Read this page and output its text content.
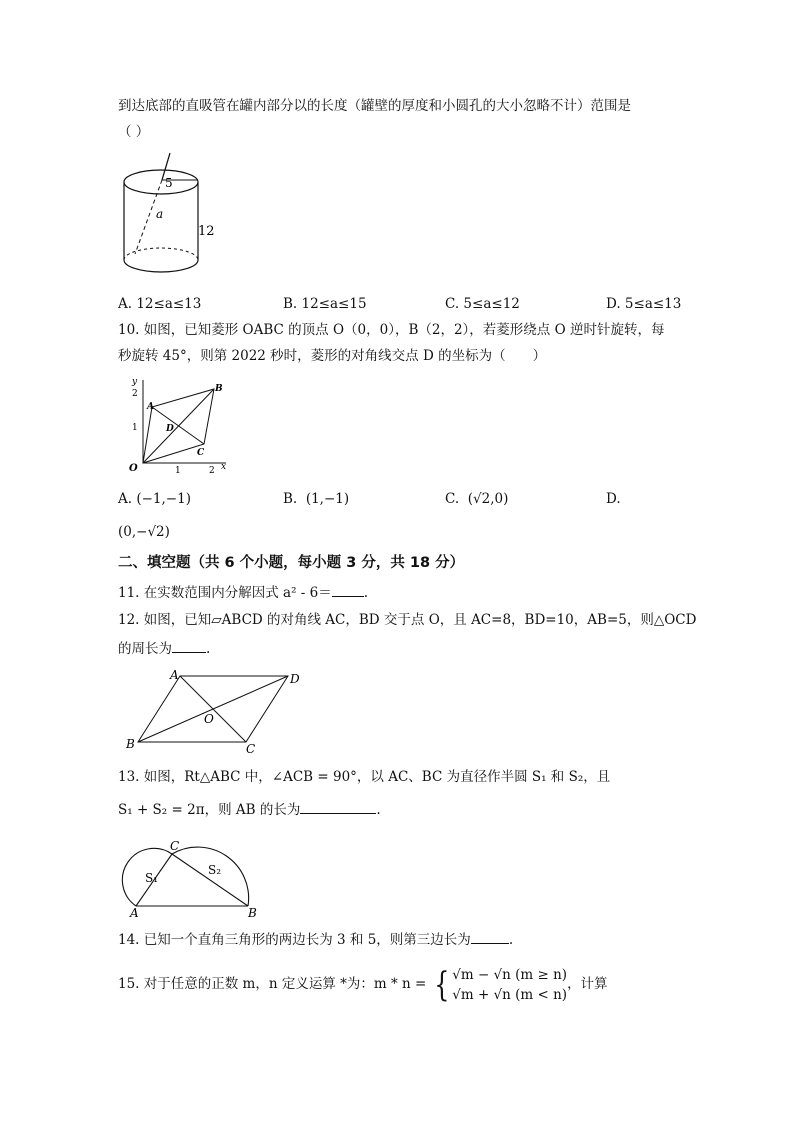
到达底部的直吸管在罐内部分以的长度（罐壁的厚度和小圆孔的大小忽略不计）范围是
（ ）
5
a
12
A. 12≤a≤13	B. 12≤a≤15	C. 5≤a≤12	D. 5≤a≤13
10. 如图，已知菱形 OABC 的顶点 O（0，0），B（2，2），若菱形绕点 O 逆时针旋转，每
秒旋转 45°，则第 2022 秒时，菱形的对角线交点 D 的坐标为（　　）
x
y
O	1	2
1
2
A
B
C
D
A. (−1,−1)	B. (1,−1)	C. (√2,0)	D.
(0,−√2)
二、填空题（共 6 个小题，每小题 3 分，共 18 分）
11. 在实数范围内分解因式 a² - 6＝ .
12. 如图，已知▱ABCD 的对角线 AC，BD 交于点 O，且 AC=8，BD=10，AB=5，则△OCD
的周长为	.
A	D
B	C
O
13. 如图，Rt△ABC 中，∠ACB = 90°，以 AC、BC 为直径作半圆 S₁ 和 S₂，且
S₁ + S₂ = 2π，则 AB 的长为	.
C
A	B
S₁
S₂
14. 已知一个直角三角形的两边长为 3 和 5，则第三边长为	.
15. 对于任意的正数 m，n 定义运算 *为：m * n = { √m − √n (m ≥ n)
√m + √n (m < n)，计算
